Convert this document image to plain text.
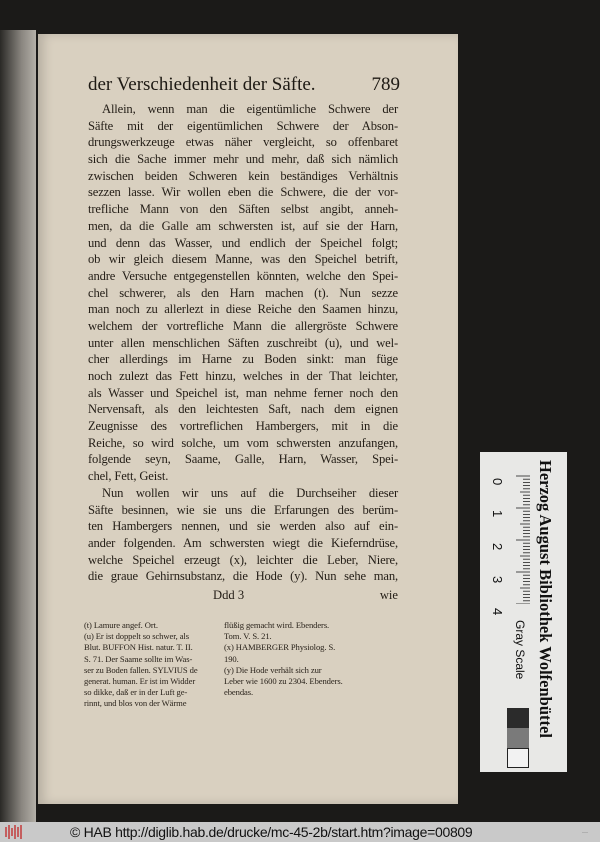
der Verschiedenheit der Säfte.	789
Allein, wenn man die eigentümliche Schwere der
Säfte mit der eigentümlichen Schwere der Abson-
drungswerkzeuge etwas näher vergleicht, so offenbaret
sich die Sache immer mehr und mehr, daß sich nämlich
zwischen beiden Schweren kein beständiges Verhältnis
sezzen lasse. Wir wollen eben die Schwere, die der vor-
trefliche Mann von den Säften selbst angibt, anneh-
men, da die Galle am schwersten ist, auf sie der Harn,
und denn das Wasser, und endlich der Speichel folgt;
ob wir gleich diesem Manne, was den Speichel betrift,
andre Versuche entgegenstellen könnten, welche den Spei-
chel schwerer, als den Harn machen (t). Nun sezze
man noch zu allerlezt in diese Reiche den Saamen hinzu,
welchem der vortrefliche Mann die allergröste Schwere
unter allen menschlichen Säften zuschreibt (u), und wel-
cher allerdings im Harne zu Boden sinkt: man füge
noch zulezt das Fett hinzu, welches in der That leichter,
als Wasser und Speichel ist, man nehme ferner noch den
Nervensaft, als den leichtesten Saft, nach dem eignen
Zeugnisse des vortreflichen Hambergers, mit in die
Reiche, so wird solche, um vom schwersten anzufangen,
folgende seyn, Saame, Galle, Harn, Wasser, Spei-
chel, Fett, Geist.
Nun wollen wir uns auf die Durchseiher dieser
Säfte besinnen, wie sie uns die Erfarungen des berüm-
ten Hambergers nennen, und sie werden also auf ein-
ander folgenden. Am schwersten wiegt die Kieferndrüse,
welche Speichel erzeugt (x), leichter die Leber, Niere,
die graue Gehirnsubstanz, die Hode (y). Nun sehe man,
Ddd 3	wie
(t) Lamure angef. Ort.
(u) Er ist doppelt so schwer, als
Blut. BUFFON Hist. natur. T. II.
S. 71. Der Saame sollte im Was-
ser zu Boden fallen. SYLVIUS de
generat. human. Er ist im Widder
so dikke, daß er in der Luft ge-
rinnt, und blos von der Wärme
flüßig gemacht wird. Ebenders.
Tom. V. S. 21.
(x) HAMBERGER Physiolog. S.
190.
(y) Die Hode verhält sich zur
Leber wie 1600 zu 2304. Ebenders.
ebendas.	Herzog August Bibliothek Wolfenbüttel
0
1
2
3
4
Gray Scale
© HAB http://diglib.hab.de/drucke/mc-45-2b/start.htm?image=00809	...
